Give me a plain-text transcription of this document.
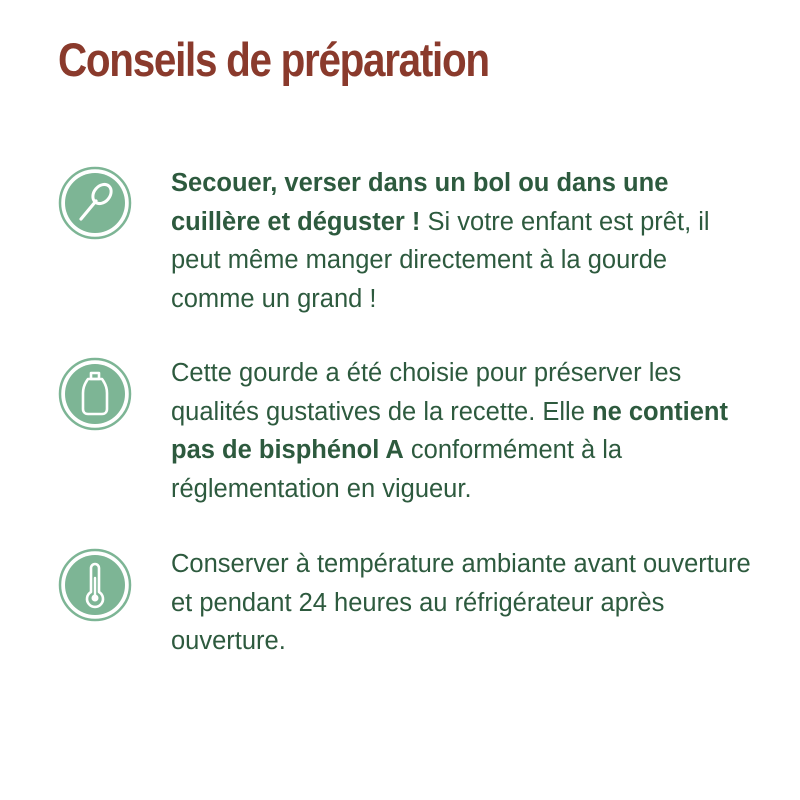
Conseils de préparation

Secouer, verser dans un bol ou dans une cuillère et déguster ! Si votre enfant est prêt, il peut même manger directement à la gourde comme un grand !

Cette gourde a été choisie pour préserver les qualités gustatives de la recette. Elle ne contient pas de bisphénol A conformément à la réglementation en vigueur.

Conserver à température ambiante avant ouverture et pendant 24 heures au réfrigérateur après ouverture.
